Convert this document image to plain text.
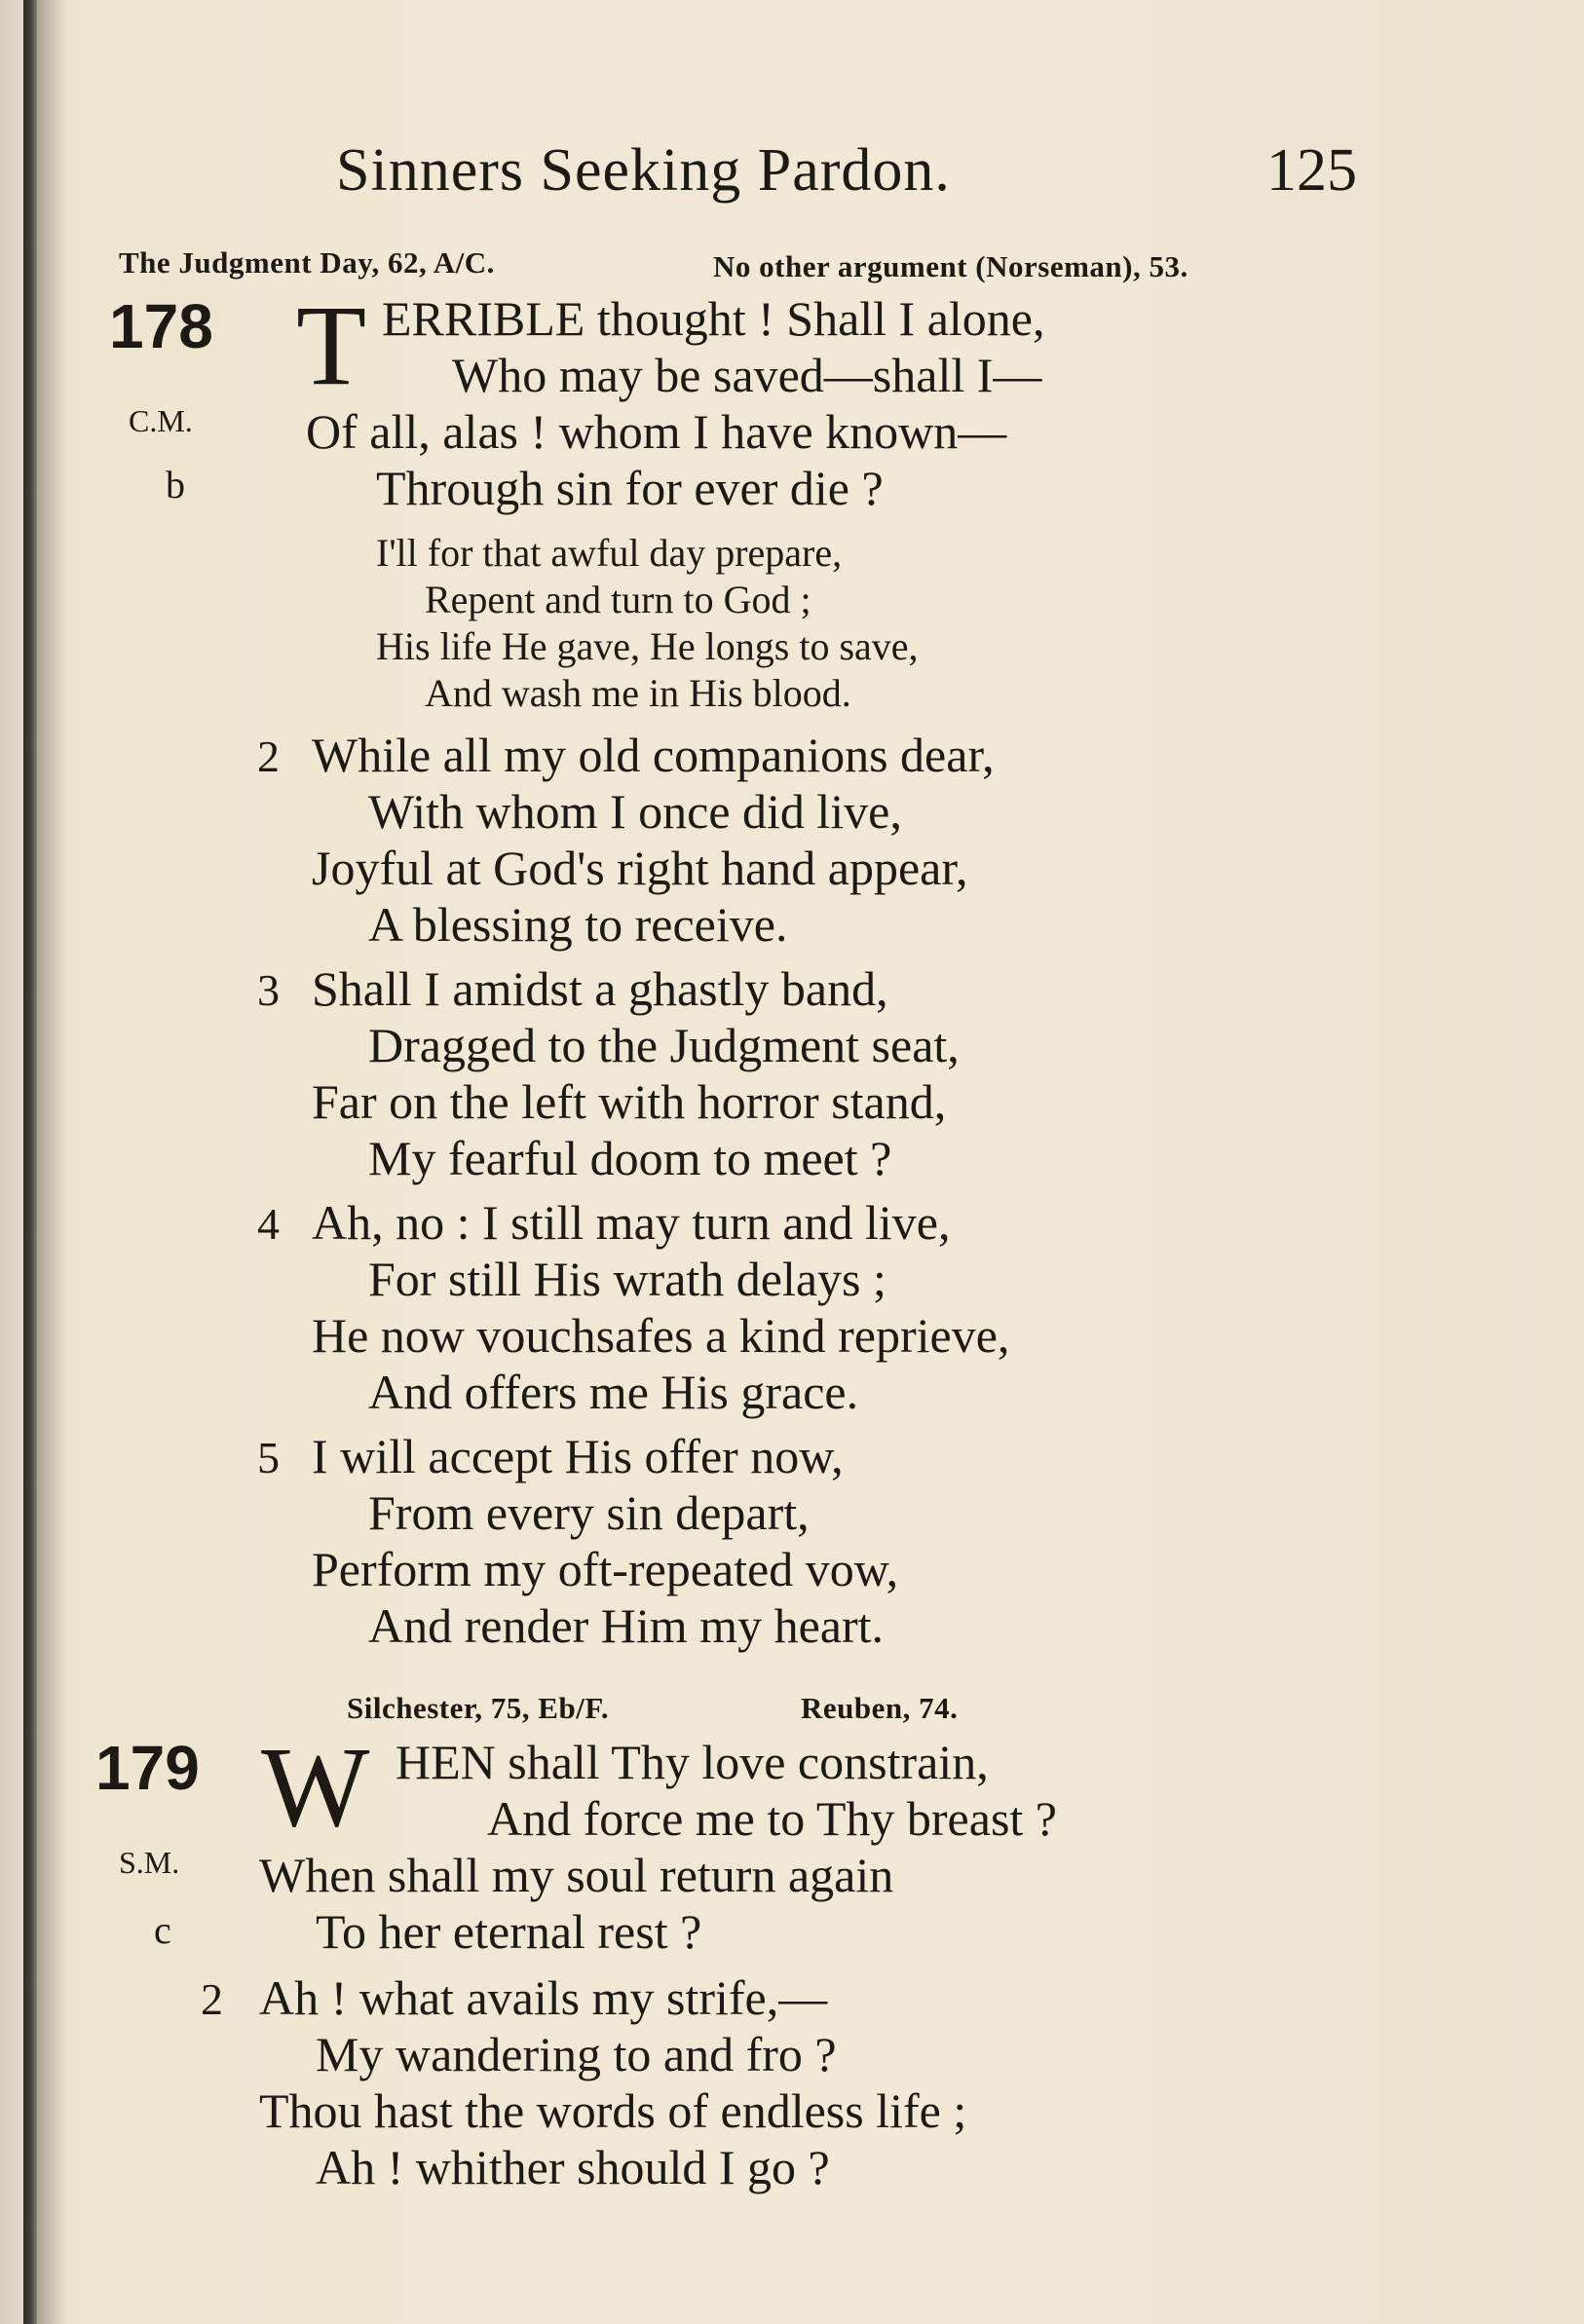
Sinners Seeking Pardon.	125
The Judgment Day, 62, A/C.	No other argument (Norseman), 53.
178
C.M.
b
T ERRIBLE thought ! Shall I alone,
Who may be saved—shall I—
Of all, alas ! whom I have known—
Through sin for ever die ?
I'll for that awful day prepare,
Repent and turn to God ;
His life He gave, He longs to save,
And wash me in His blood.
2 While all my old companions dear,
With whom I once did live,
Joyful at God's right hand appear,
A blessing to receive.
3 Shall I amidst a ghastly band,
Dragged to the Judgment seat,
Far on the left with horror stand,
My fearful doom to meet ?
4 Ah, no : I still may turn and live,
For still His wrath delays ;
He now vouchsafes a kind reprieve,
And offers me His grace.
5 I will accept His offer now,
From every sin depart,
Perform my oft-repeated vow,
And render Him my heart.
Silchester, 75, Eb/F.	Reuben, 74.
179
S.M.
c
W HEN shall Thy love constrain,
And force me to Thy breast ?
When shall my soul return again
To her eternal rest ?
2 Ah ! what avails my strife,—
My wandering to and fro ?
Thou hast the words of endless life ;
Ah ! whither should I go ?
